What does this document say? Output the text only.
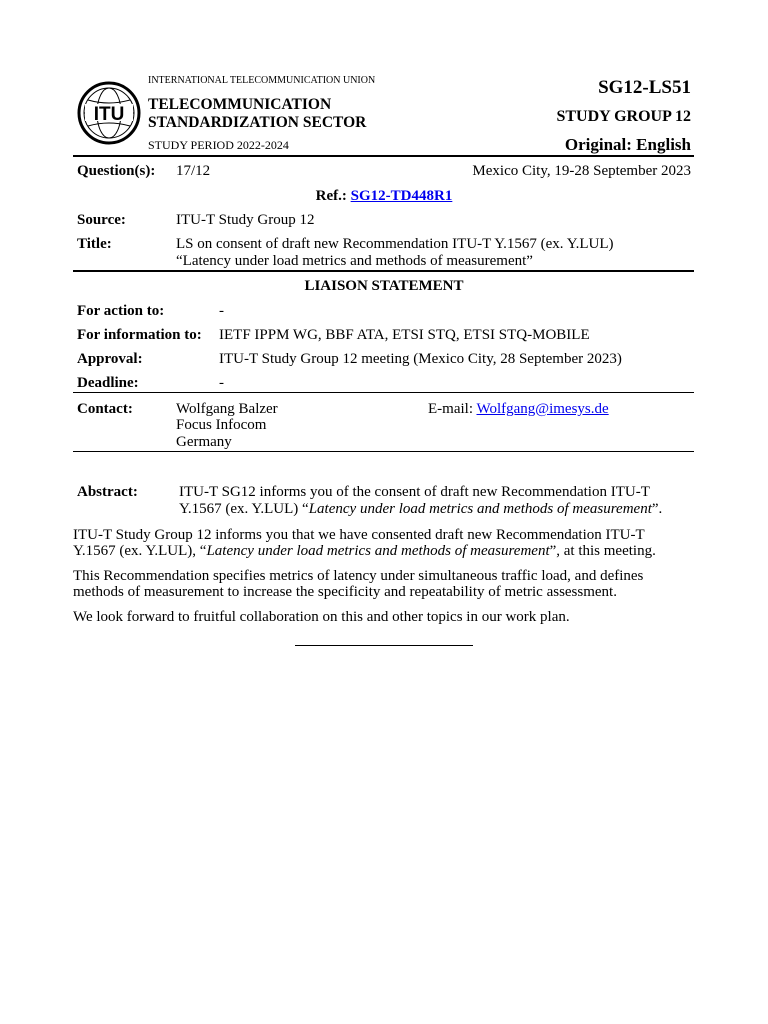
ITU
INTERNATIONAL TELECOMMUNICATION UNION
TELECOMMUNICATION
STANDARDIZATION SECTOR
STUDY PERIOD 2022-2024
SG12-LS51
STUDY GROUP 12
Original: English
Question(s): 17/12	Mexico City, 19-28 September 2023
Ref.: SG12-TD448R1
Source:	ITU-T Study Group 12
Title:	LS on consent of draft new Recommendation ITU-T Y.1567 (ex. Y.LUL)
“Latency under load metrics and methods of measurement”
LIAISON STATEMENT
For action to:	-
For information to: IETF IPPM WG, BBF ATA, ETSI STQ, ETSI STQ-MOBILE
Approval:	ITU-T Study Group 12 meeting (Mexico City, 28 September 2023)
Deadline:	-
Contact:	Wolfgang Balzer
Focus Infocom
Germany
E-mail: Wolfgang@imesys.de
Abstract:	ITU-T SG12 informs you of the consent of draft new Recommendation ITU-T
Y.1567 (ex. Y.LUL) “Latency under load metrics and methods of measurement”.
ITU-T Study Group 12 informs you that we have consented draft new Recommendation ITU-T
Y.1567 (ex. Y.LUL), “Latency under load metrics and methods of measurement”, at this meeting.
This Recommendation specifies metrics of latency under simultaneous traffic load, and defines
methods of measurement to increase the specificity and repeatability of metric assessment.
We look forward to fruitful collaboration on this and other topics in our work plan.
